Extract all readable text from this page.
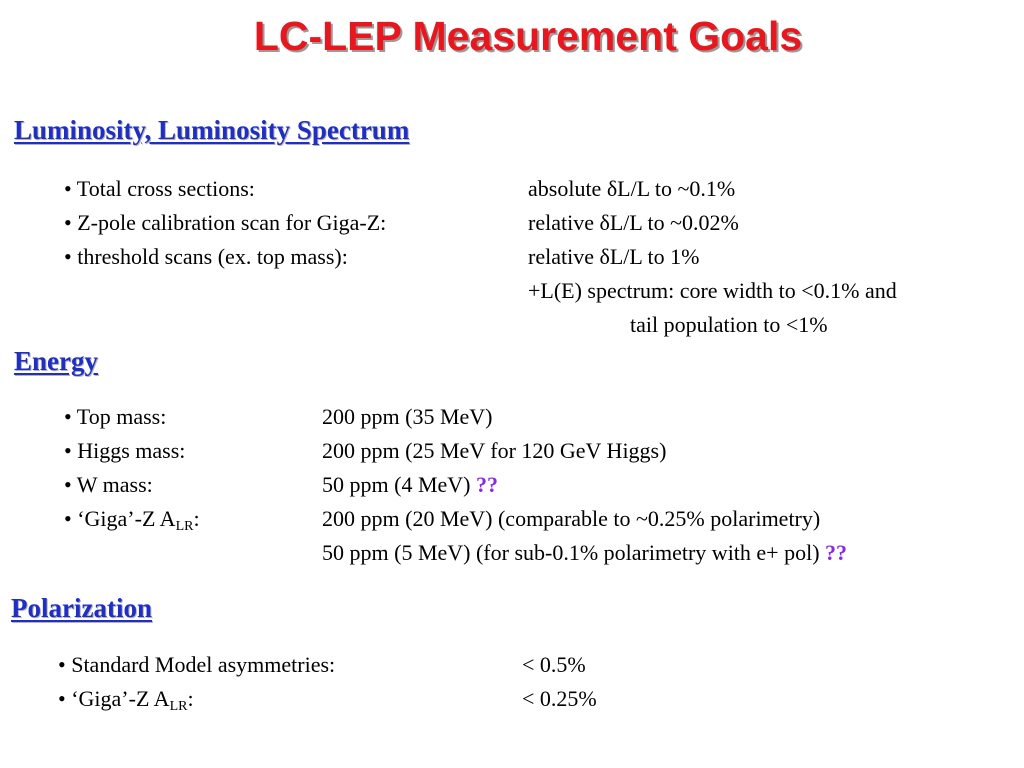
LC-LEP Measurement Goals
Luminosity, Luminosity Spectrum
• Total cross sections:	absolute δL/L to ~0.1%
• Z-pole calibration scan for Giga-Z:	relative δL/L to ~0.02%
• threshold scans (ex. top mass):	relative δL/L to 1%
+L(E) spectrum: core width to <0.1% and
tail population to <1%
Energy
• Top mass:	200 ppm (35 MeV)
• Higgs mass:	200 ppm (25 MeV for 120 GeV Higgs)
• W mass:	50 ppm (4 MeV) ??
• ‘Giga’-Z $A_{LR}$:	200 ppm (20 MeV) (comparable to ~0.25% polarimetry)
50 ppm (5 MeV) (for sub-0.1% polarimetry with e+ pol) ??
Polarization
• Standard Model asymmetries:	< 0.5%
• ‘Giga’-Z $A_{LR}$:	< 0.25%
